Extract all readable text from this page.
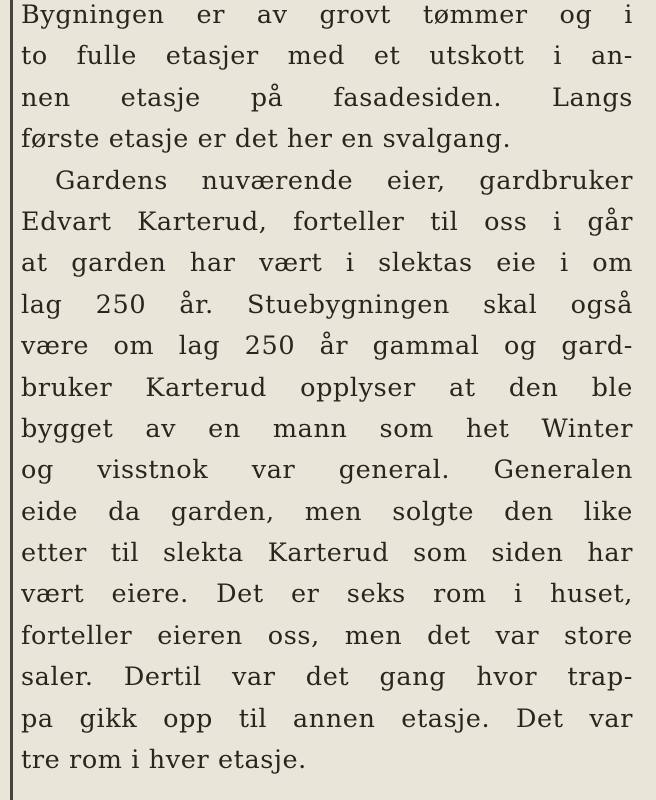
Bygningen er av grovt tømmer og i
to fulle etasjer med et utskott i an-
nen etasje på fasadesiden. Langs
første etasje er det her en svalgang.
Gardens nuværende eier, gardbruker
Edvart Karterud, forteller til oss i går
at garden har vært i slektas eie i om
lag 250 år. Stuebygningen skal også
være om lag 250 år gammal og gard-
bruker Karterud opplyser at den ble
bygget av en mann som het Winter
og visstnok var general. Generalen
eide da garden, men solgte den like
etter til slekta Karterud som siden har
vært eiere. Det er seks rom i huset,
forteller eieren oss, men det var store
saler. Dertil var det gang hvor trap-
pa gikk opp til annen etasje. Det var
tre rom i hver etasje.
